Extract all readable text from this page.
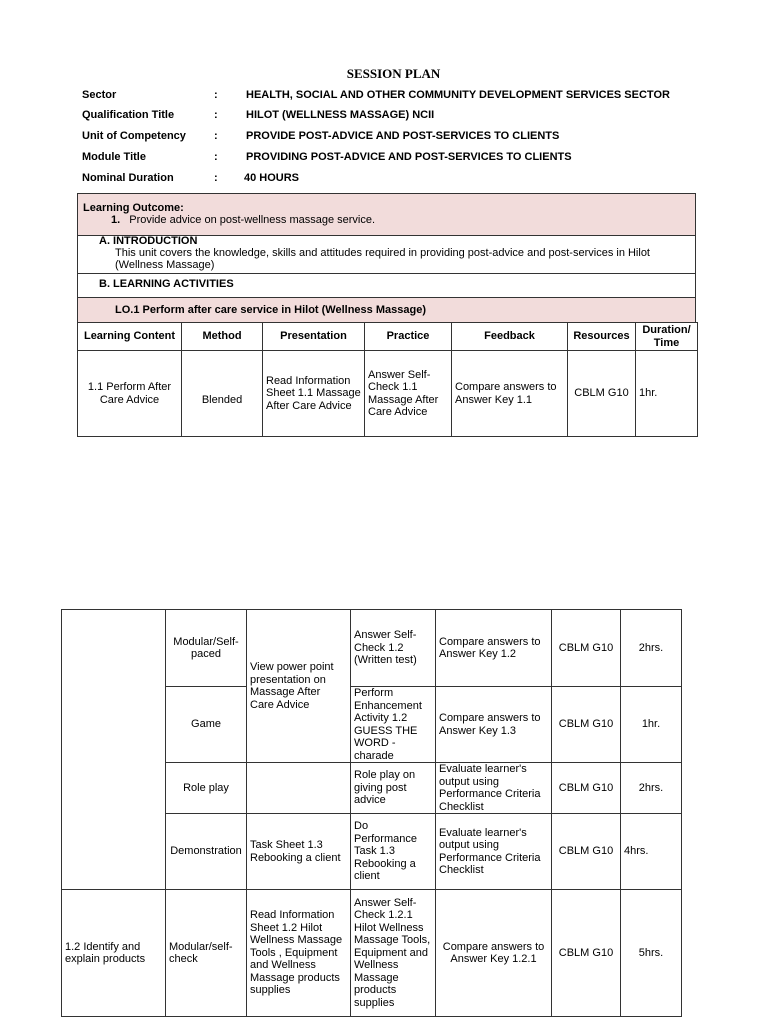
SESSION PLAN
Sector	:	HEALTH, SOCIAL AND OTHER COMMUNITY DEVELOPMENT SERVICES SECTOR
Qualification Title	:	HILOT (WELLNESS MASSAGE) NCII
Unit of Competency	:	PROVIDE POST-ADVICE AND POST-SERVICES TO CLIENTS
Module Title	:	PROVIDING POST-ADVICE AND POST-SERVICES TO CLIENTS
Nominal Duration	: 40 HOURS
Learning Outcome:
1. Provide advice on post-wellness massage service.
A. INTRODUCTION
This unit covers the knowledge, skills and attitudes required in providing post-advice and post-services in Hilot (Wellness Massage)
B. LEARNING ACTIVITIES
LO.1 Perform after care service in Hilot (Wellness Massage)
Learning Content	Method	Presentation	Practice	Feedback	Resources	Duration/ Time
1.1 Perform After Care Advice	Blended	Read Information Sheet 1.1 Massage After Care Advice	Answer Self-Check 1.1 Massage After Care Advice	Compare answers to Answer Key 1.1	CBLM G10	1hr.
	Modular/Self-paced	View power point presentation on Massage After Care Advice	Answer Self-Check 1.2 (Written test)	Compare answers to Answer Key 1.2	CBLM G10	2hrs.
	Game		Perform Enhancement Activity 1.2 GUESS THE WORD - charade	Compare answers to Answer Key 1.3	CBLM G10	1hr.
	Role play		Role play on giving post advice	Evaluate learner's output using Performance Criteria Checklist	CBLM G10	2hrs.
	Demonstration	Task Sheet 1.3 Rebooking a client	Do Performance Task 1.3 Rebooking a client	Evaluate learner's output using Performance Criteria Checklist	CBLM G10	4hrs.
1.2 Identify and explain products	Modular/self-check	Read Information Sheet 1.2 Hilot Wellness Massage Tools , Equipment and Wellness Massage products supplies	Answer Self-Check 1.2.1 Hilot Wellness Massage Tools, Equipment and Wellness Massage products supplies	Compare answers to Answer Key 1.2.1	CBLM G10	5hrs.
